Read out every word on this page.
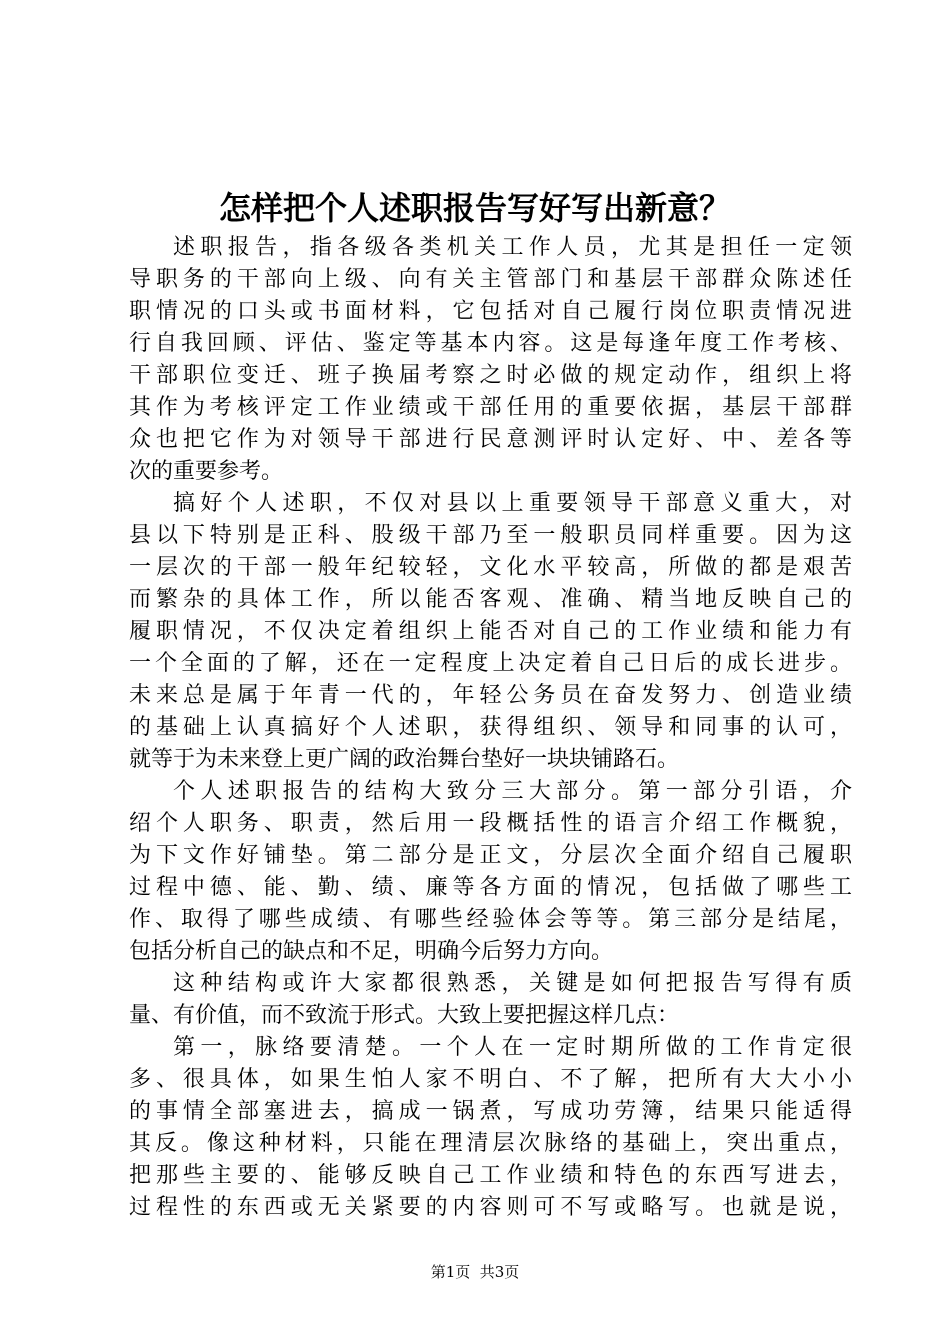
怎样把个人述职报告写好写出新意？
述职报告，指各级各类机关工作人员，尤其是担任一定领
导职务的干部向上级、向有关主管部门和基层干部群众陈述任
职情况的口头或书面材料，它包括对自己履行岗位职责情况进
行自我回顾、评估、鉴定等基本内容。这是每逢年度工作考核、
干部职位变迁、班子换届考察之时必做的规定动作，组织上将
其作为考核评定工作业绩或干部任用的重要依据，基层干部群
众也把它作为对领导干部进行民意测评时认定好、中、差各等
次的重要参考。
搞好个人述职，不仅对县以上重要领导干部意义重大，对
县以下特别是正科、股级干部乃至一般职员同样重要。因为这
一层次的干部一般年纪较轻，文化水平较高，所做的都是艰苦
而繁杂的具体工作，所以能否客观、准确、精当地反映自己的
履职情况，不仅决定着组织上能否对自己的工作业绩和能力有
一个全面的了解，还在一定程度上决定着自己日后的成长进步。
未来总是属于年青一代的，年轻公务员在奋发努力、创造业绩
的基础上认真搞好个人述职，获得组织、领导和同事的认可，
就等于为未来登上更广阔的政治舞台垫好一块块铺路石。
个人述职报告的结构大致分三大部分。第一部分引语，介
绍个人职务、职责，然后用一段概括性的语言介绍工作概貌，
为下文作好铺垫。第二部分是正文，分层次全面介绍自己履职
过程中德、能、勤、绩、廉等各方面的情况，包括做了哪些工
作、取得了哪些成绩、有哪些经验体会等等。第三部分是结尾，
包括分析自己的缺点和不足，明确今后努力方向。
这种结构或许大家都很熟悉，关键是如何把报告写得有质
量、有价值，而不致流于形式。大致上要把握这样几点：
第一，脉络要清楚。一个人在一定时期所做的工作肯定很
多、很具体，如果生怕人家不明白、不了解，把所有大大小小
的事情全部塞进去，搞成一锅煮，写成功劳簿，结果只能适得
其反。像这种材料，只能在理清层次脉络的基础上，突出重点，
把那些主要的、能够反映自己工作业绩和特色的东西写进去，
过程性的东西或无关紧要的内容则可不写或略写。也就是说，
第1页  共3页
